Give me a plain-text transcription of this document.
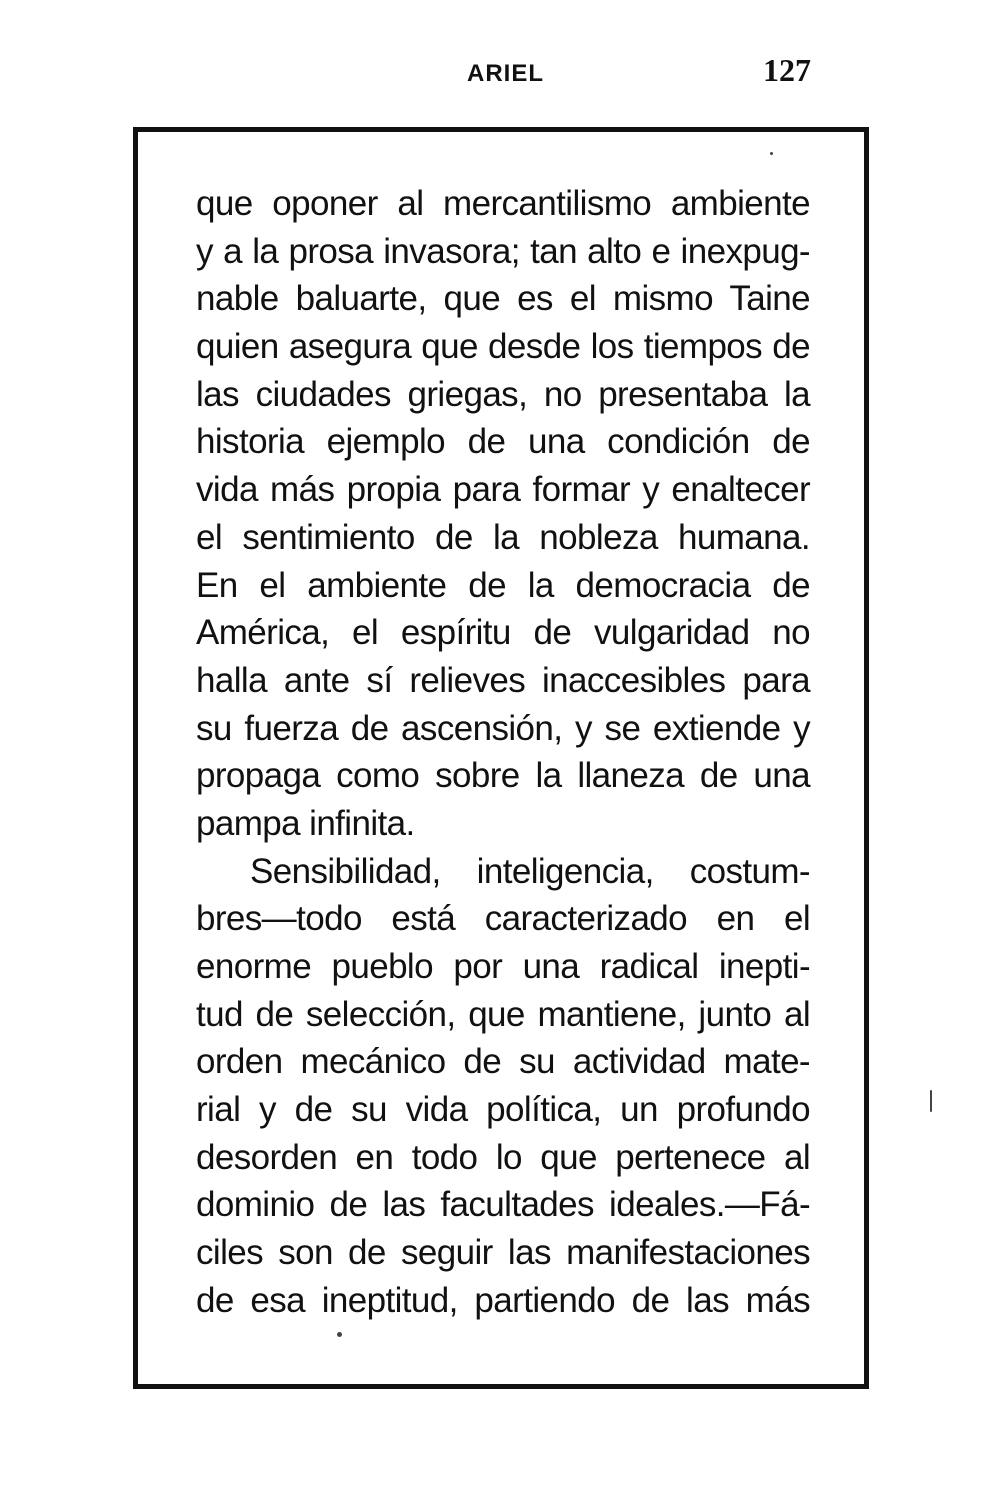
ARIEL	127
que oponer al mercantilismo ambiente
y a la prosa invasora; tan alto e inexpug-
nable baluarte, que es el mismo Taine
quien asegura que desde los tiempos de
las ciudades griegas, no presentaba la
historia ejemplo de una condición de
vida más propia para formar y enaltecer
el sentimiento de la nobleza humana.
En el ambiente de la democracia de
América, el espíritu de vulgaridad no
halla ante sí relieves inaccesibles para
su fuerza de ascensión, y se extiende y
propaga como sobre la llaneza de una
pampa infinita.
Sensibilidad, inteligencia, costum-
bres—todo está caracterizado en el
enorme pueblo por una radical inepti-
tud de selección, que mantiene, junto al
orden mecánico de su actividad mate-
rial y de su vida política, un profundo
desorden en todo lo que pertenece al
dominio de las facultades ideales.—Fá-
ciles son de seguir las manifestaciones
de esa ineptitud, partiendo de las más
